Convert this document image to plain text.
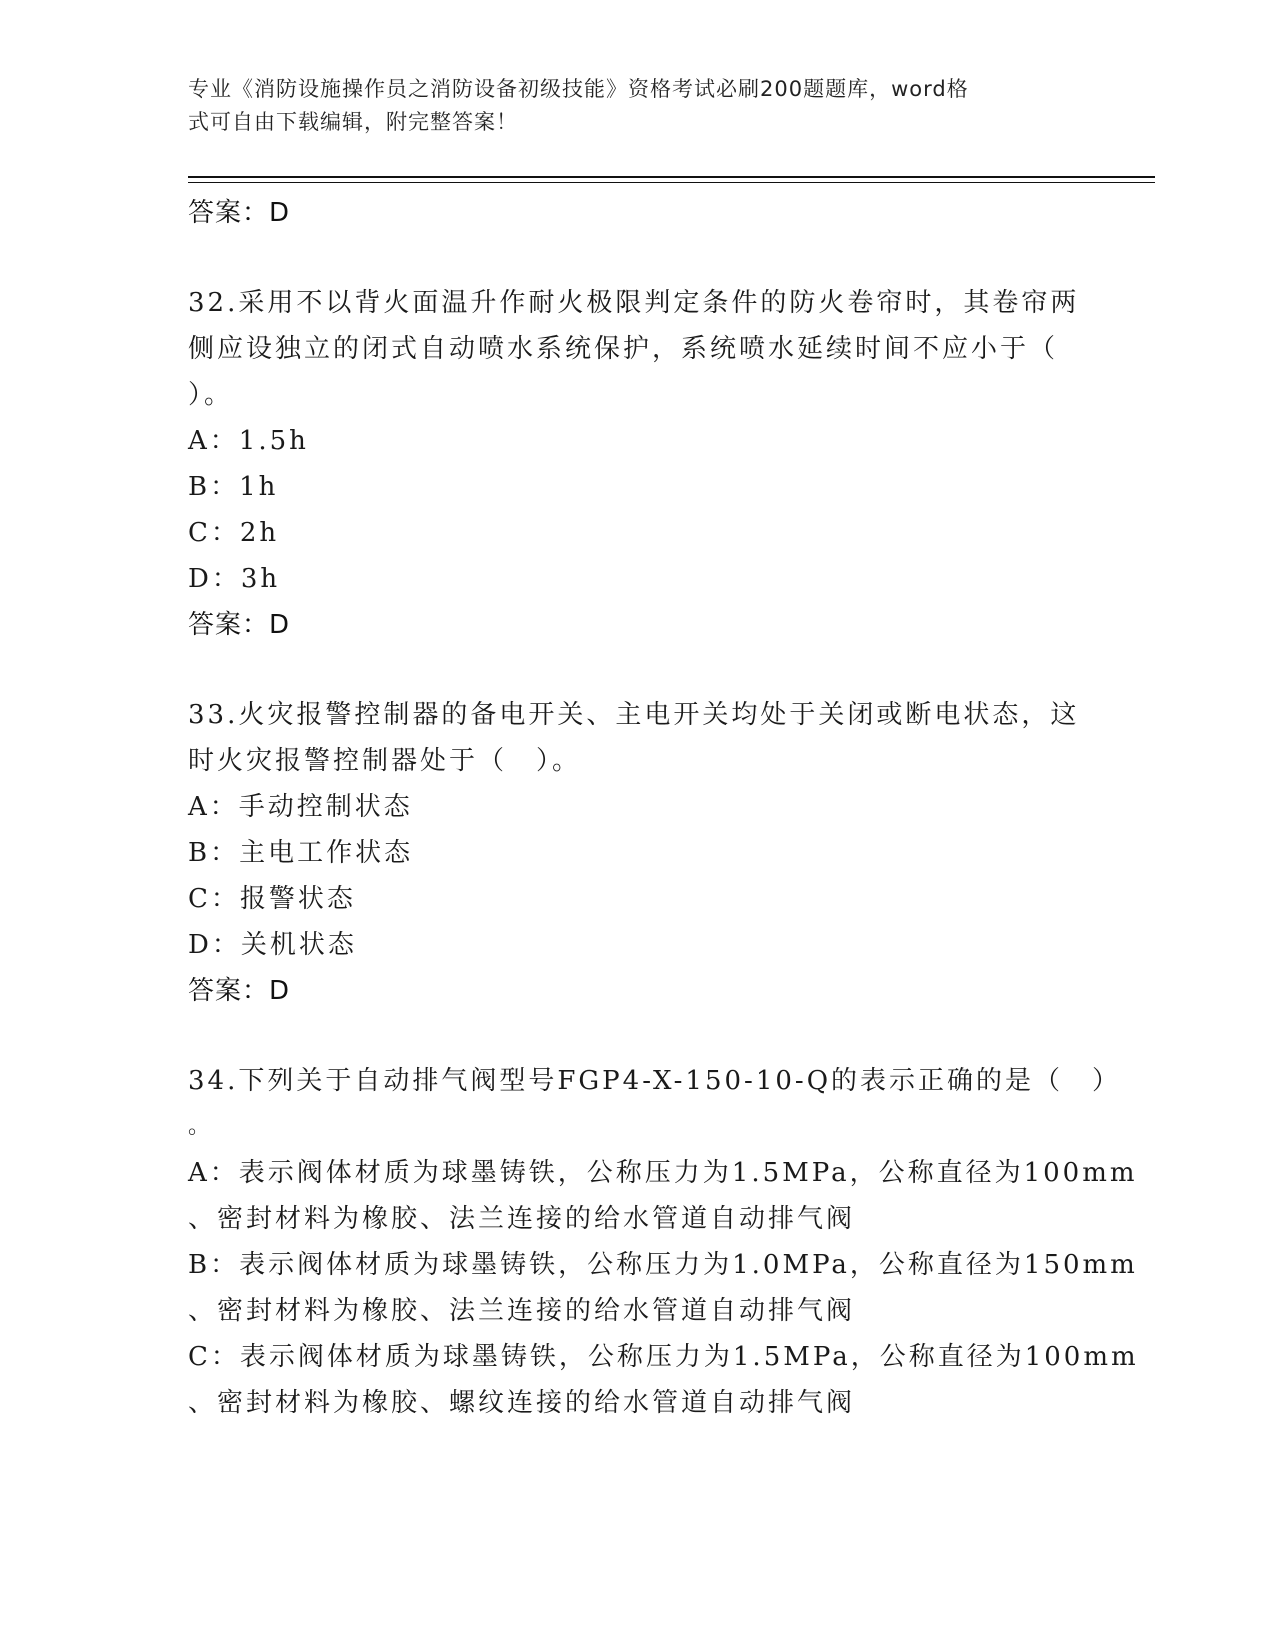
专业《消防设施操作员之消防设备初级技能》资格考试必刷200题题库，word格
式可自由下载编辑，附完整答案！
答案：D
32.采用不以背火面温升作耐火极限判定条件的防火卷帘时，其卷帘两
侧应设独立的闭式自动喷水系统保护，系统喷水延续时间不应小于（
）。
A：1.5h
B：1h
C：2h
D：3h
答案：D
33.火灾报警控制器的备电开关、主电开关均处于关闭或断电状态，这
时火灾报警控制器处于（　）。
A：手动控制状态
B：主电工作状态
C：报警状态
D：关机状态
答案：D
34.下列关于自动排气阀型号FGP4-X-150-10-Q的表示正确的是（　）
。
A：表示阀体材质为球墨铸铁，公称压力为1.5MPa，公称直径为100mm
、密封材料为橡胶、法兰连接的给水管道自动排气阀
B：表示阀体材质为球墨铸铁，公称压力为1.0MPa，公称直径为150mm
、密封材料为橡胶、法兰连接的给水管道自动排气阀
C：表示阀体材质为球墨铸铁，公称压力为1.5MPa，公称直径为100mm
、密封材料为橡胶、螺纹连接的给水管道自动排气阀
